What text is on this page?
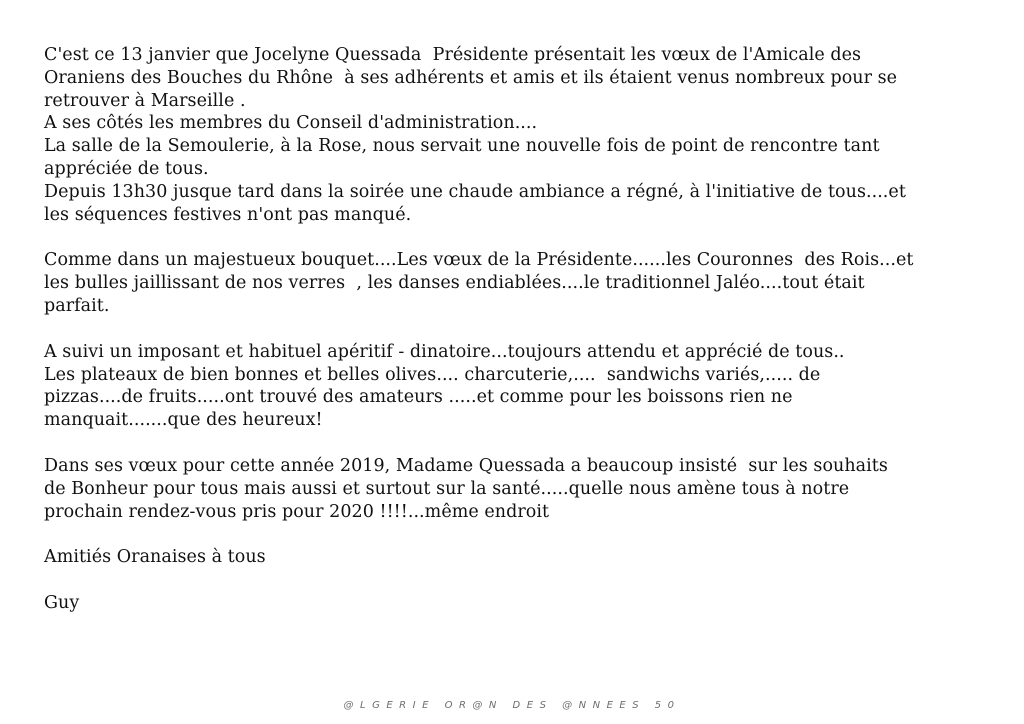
C'est ce 13 janvier que Jocelyne Quessada  Présidente présentait les vœux de l'Amicale des
Oraniens des Bouches du Rhône  à ses adhérents et amis et ils étaient venus nombreux pour se
retrouver à Marseille .
A ses côtés les membres du Conseil d'administration....
La salle de la Semoulerie, à la Rose, nous servait une nouvelle fois de point de rencontre tant
appréciée de tous.
Depuis 13h30 jusque tard dans la soirée une chaude ambiance a régné, à l'initiative de tous....et
les séquences festives n'ont pas manqué.
Comme dans un majestueux bouquet....Les vœux de la Présidente......les Couronnes  des Rois...et
les bulles jaillissant de nos verres  , les danses endiablées....le traditionnel Jaléo....tout était
parfait.
A suivi un imposant et habituel apéritif - dinatoire...toujours attendu et apprécié de tous..
Les plateaux de bien bonnes et belles olives.... charcuterie,....  sandwichs variés,..... de
pizzas....de fruits.....ont trouvé des amateurs .....et comme pour les boissons rien ne
manquait.......que des heureux!
Dans ses vœux pour cette année 2019, Madame Quessada a beaucoup insisté  sur les souhaits
de Bonheur pour tous mais aussi et surtout sur la santé.....quelle nous amène tous à notre
prochain rendez-vous pris pour 2020 !!!!...même endroit
Amitiés Oranaises à tous
Guy
@LGERIE OR@N DES @NNEES 50
